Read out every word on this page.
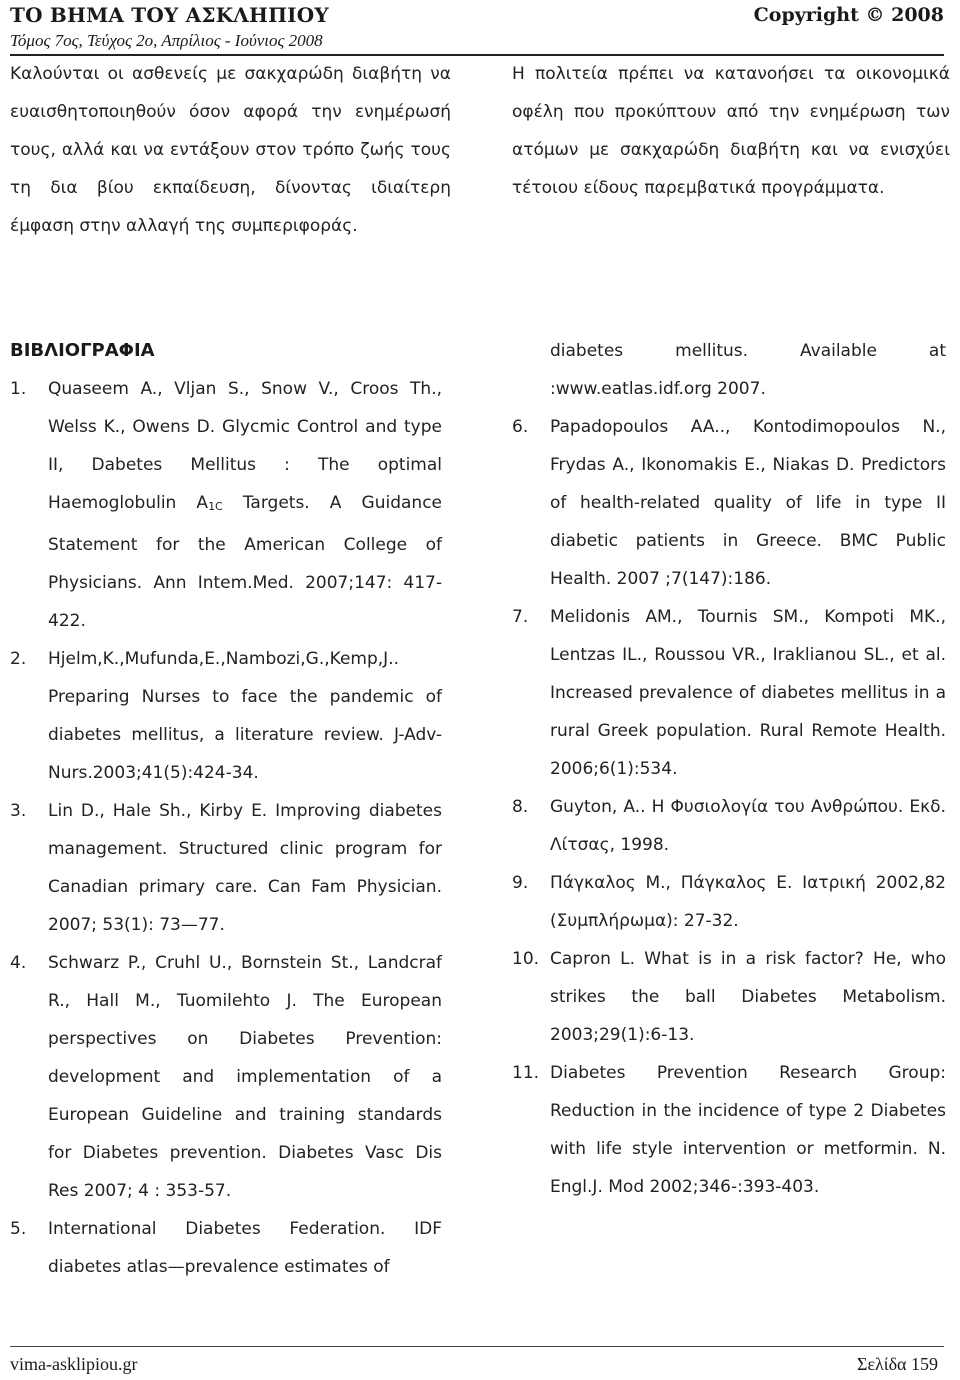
ΤΟ ΒΗΜΑ ΤΟΥ ΑΣΚΛΗΠΙΟΥ	Copyright © 2008
Τόμος 7ος, Τεύχος 2ο, Απρίλιος - Ιούνιος 2008
Καλούνται οι ασθενείς με σακχαρώδη διαβήτη να ευαισθητοποιηθούν όσον αφορά την ενημέρωσή τους, αλλά και να εντάξουν στον τρόπο ζωής τους τη δια βίου εκπαίδευση, δίνοντας ιδιαίτερη έμφαση στην αλλαγή της συμπεριφοράς.
Η πολιτεία πρέπει να κατανοήσει τα οικονομικά οφέλη που προκύπτουν από την ενημέρωση των ατόμων με σακχαρώδη διαβήτη και να ενισχύει τέτοιου είδους παρεμβατικά προγράμματα.
ΒΙΒΛΙΟΓΡΑΦΙΑ
1. Quaseem A., Vljan S., Snow V., Croos Th., Welss K., Owens D. Glycmic Control and type II, Dabetes Mellitus : The optimal Haemoglobulin $A_{1C}$ Targets. A Guidance Statement for the American College of Physicians. Ann Intem.Med. 2007;147: 417-422.
2. Hjelm,K.,Mufunda,E.,Nambozi,G.,Kemp,J.. Preparing Nurses to face the pandemic of diabetes mellitus, a literature review. J-Adv-Nurs.2003;41(5):424-34.
3. Lin D., Hale Sh., Kirby E. Improving diabetes management. Structured clinic program for Canadian primary care. Can Fam Physician. 2007; 53(1): 73—77.
4. Schwarz P., Cruhl U., Bornstein St., Landcraf R., Hall M., Tuomilehto J. The European perspectives on Diabetes Prevention: development and implementation of a European Guideline and training standards for Diabetes prevention. Diabetes Vasc Dis Res 2007; 4 : 353-57.
5. International Diabetes Federation. IDF diabetes atlas—prevalence estimates of
diabetes mellitus. Available at :www.eatlas.idf.org 2007.
6. Papadopoulos AA.., Kontodimopoulos N., Frydas A., Ikonomakis E., Niakas D. Predictors of health-related quality of life in type II diabetic patients in Greece. BMC Public Health. 2007 ;7(147):186.
7. Melidonis AM., Tournis SM., Kompoti MK., Lentzas IL., Roussou VR., Iraklianou SL., et al. Increased prevalence of diabetes mellitus in a rural Greek population. Rural Remote Health. 2006;6(1):534.
8. Guyton, A.. Η Φυσιολογία του Ανθρώπου. Εκδ. Λίτσας, 1998.
9. Πάγκαλος Μ., Πάγκαλος Ε. Ιατρική 2002,82 (Συμπλήρωμα): 27-32.
10. Capron L. What is in a risk factor? He, who strikes the ball Diabetes Metabolism. 2003;29(1):6-13.
11. Diabetes Prevention Research Group: Reduction in the incidence of type 2 Diabetes with life style intervention or metformin. N. Engl.J. Mod 2002;346-:393-403.
vima-asklipiou.gr	Σελίδα 159
